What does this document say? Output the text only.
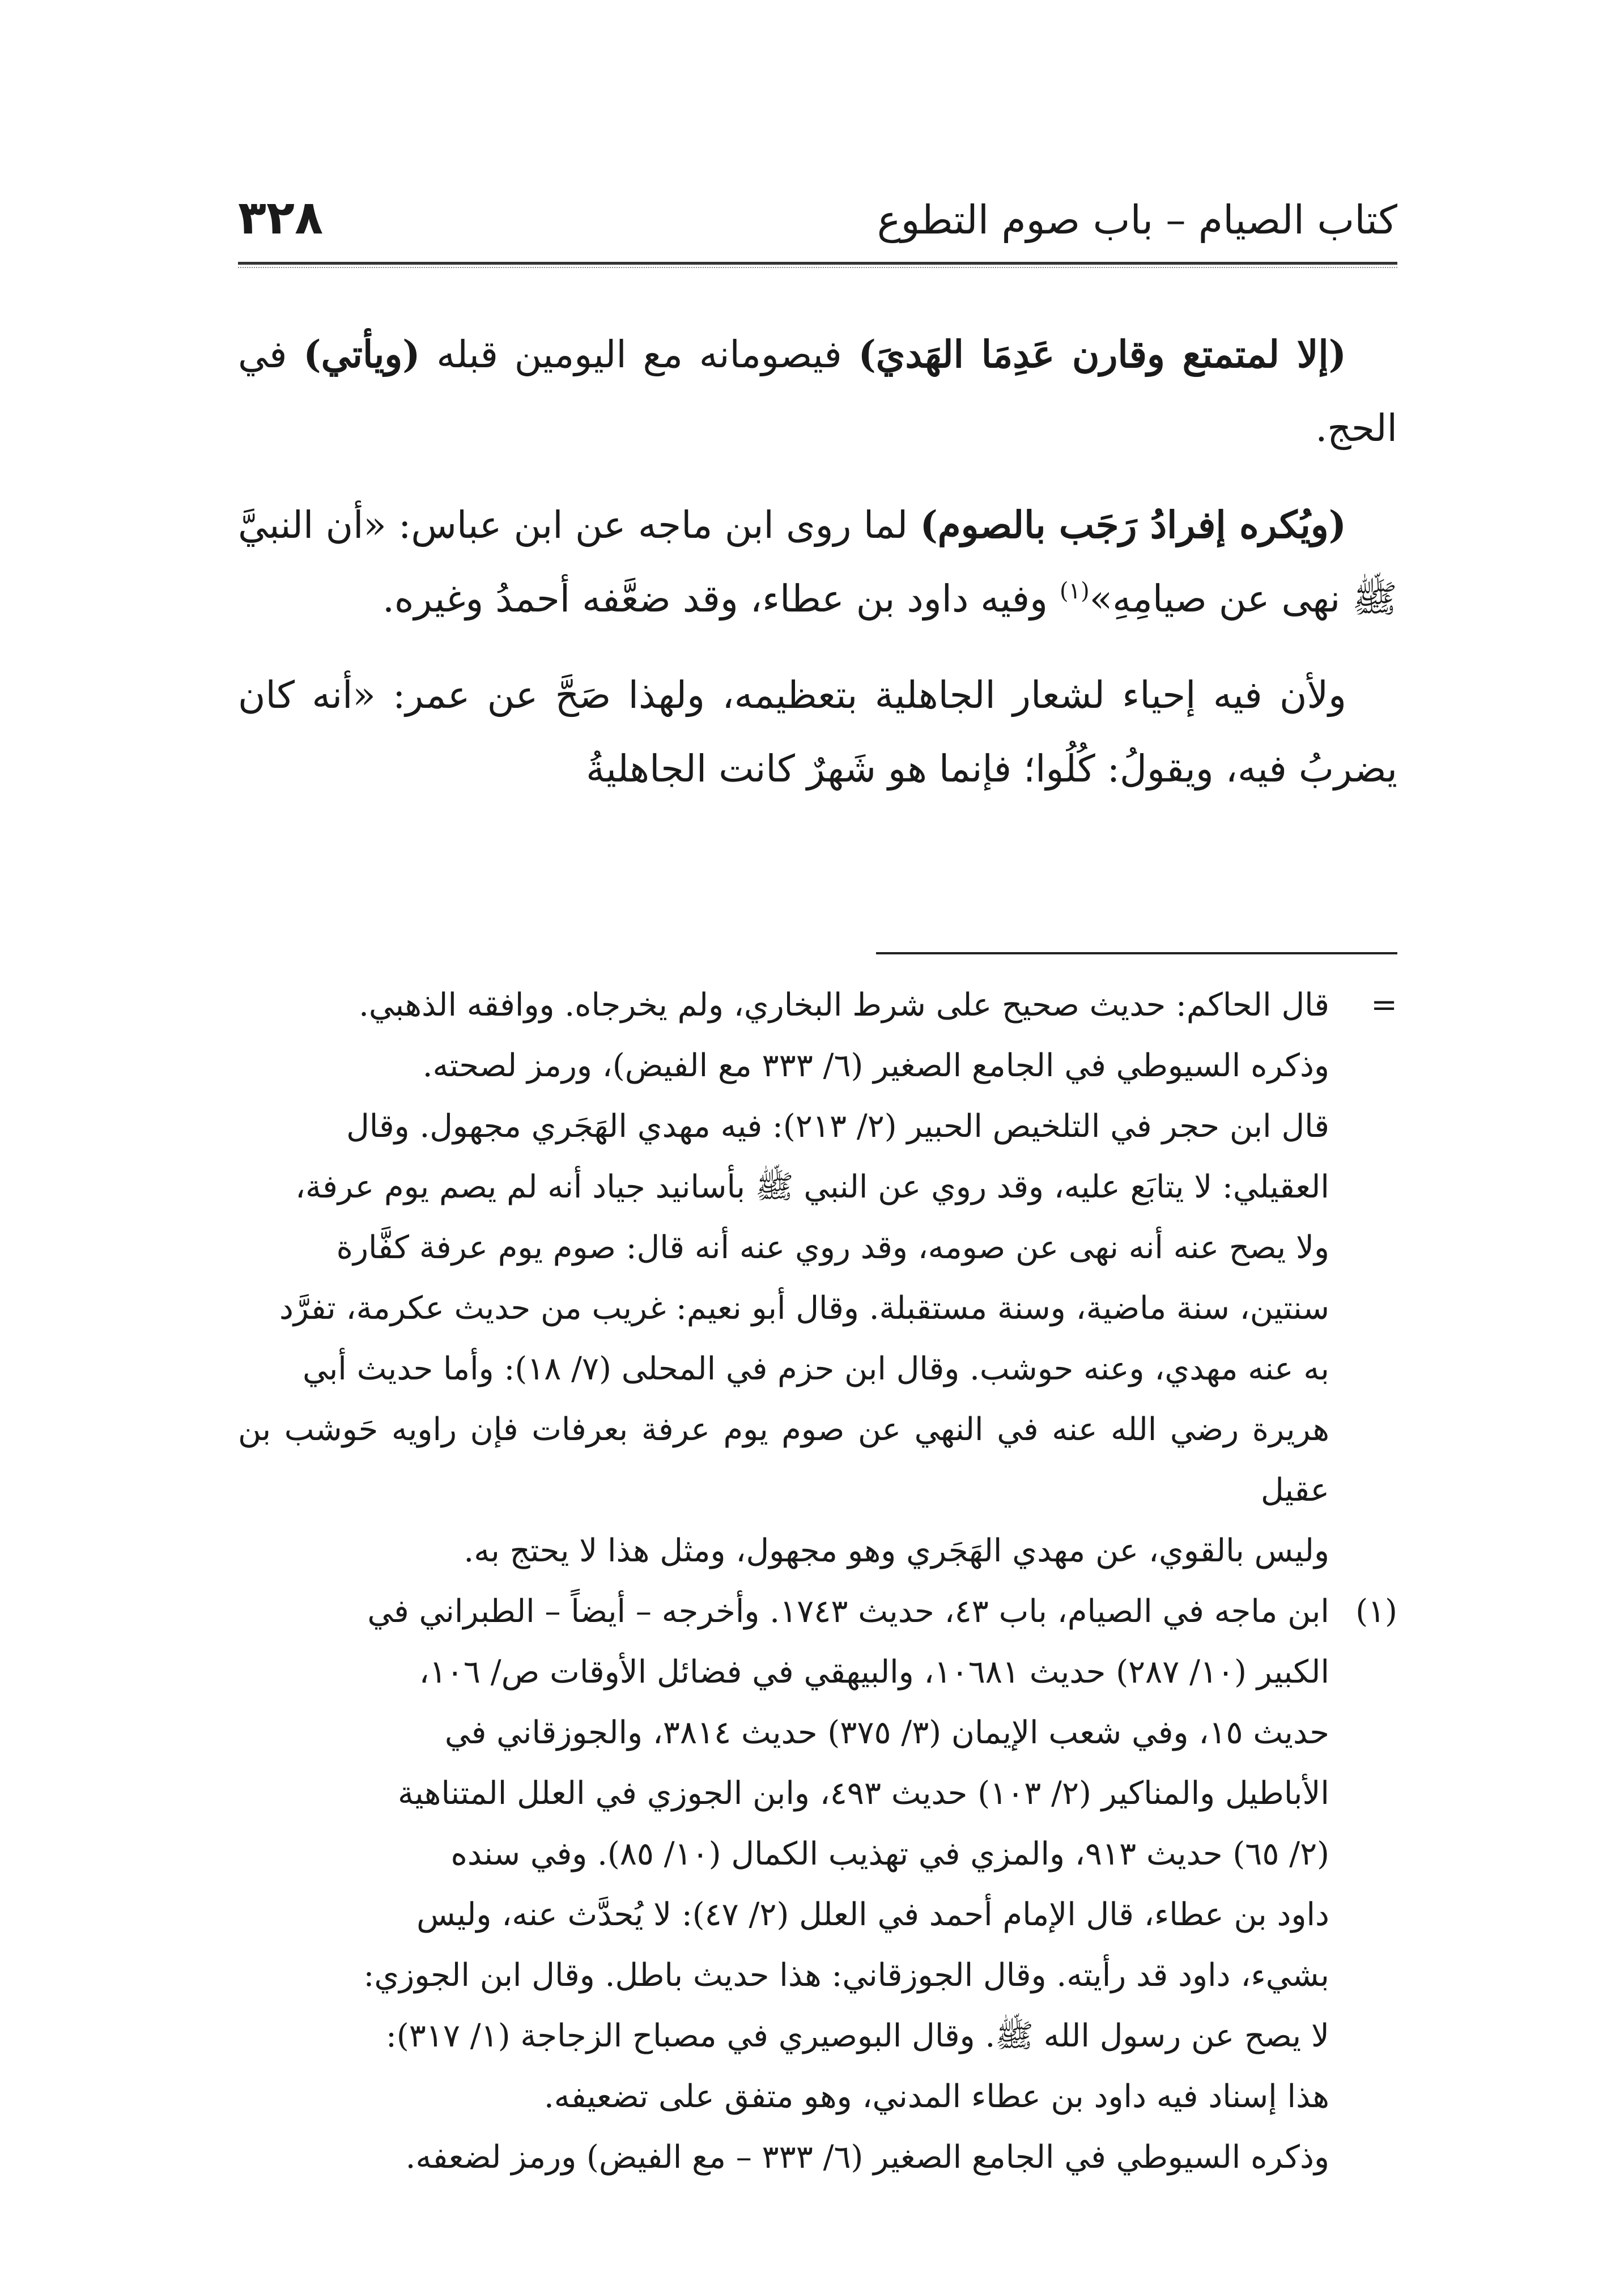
٣٢٨	كتاب الصيام – باب صوم التطوع

(إلا لمتمتع وقارن عَدِمَا الهَديَ) فيصومانه مع اليومين قبله (ويأتي) في الحج.

(ويُكره إفرادُ رَجَب بالصوم) لما روى ابن ماجه عن ابن عباس: «أن النبيَّ ﷺ نهى عن صيامِهِ»$^{(١)}$ وفيه داود بن عطاء، وقد ضعَّفه أحمدُ وغيره.

ولأن فيه إحياء لشعار الجاهلية بتعظيمه، ولهذا صَحَّ عن عمر: «أنه كان يضربُ فيه، ويقولُ: كُلُوا؛ فإنما هو شَهرٌ كانت الجاهليةُ

=
قال الحاكم: حديث صحيح على شرط البخاري، ولم يخرجاه. ووافقه الذهبي.
وذكره السيوطي في الجامع الصغير (٦/ ٣٣٣ مع الفيض)، ورمز لصحته.
قال ابن حجر في التلخيص الحبير (٢/ ٢١٣): فيه مهدي الهَجَري مجهول. وقال
العقيلي: لا يتابَع عليه، وقد روي عن النبي ﷺ بأسانيد جياد أنه لم يصم يوم عرفة،
ولا يصح عنه أنه نهى عن صومه، وقد روي عنه أنه قال: صوم يوم عرفة كفَّارة
سنتين، سنة ماضية، وسنة مستقبلة. وقال أبو نعيم: غريب من حديث عكرمة، تفرَّد
به عنه مهدي، وعنه حوشب. وقال ابن حزم في المحلى (٧/ ١٨): وأما حديث أبي
هريرة رضي الله عنه في النهي عن صوم يوم عرفة بعرفات فإن راويه حَوشب بن عقيل
وليس بالقوي، عن مهدي الهَجَري وهو مجهول، ومثل هذا لا يحتج به.
(١)
ابن ماجه في الصيام، باب ٤٣، حديث ١٧٤٣. وأخرجه – أيضاً – الطبراني في
الكبير (١٠/ ٢٨٧) حديث ١٠٦٨١، والبيهقي في فضائل الأوقات ص/ ١٠٦،
حديث ١٥، وفي شعب الإيمان (٣/ ٣٧٥) حديث ٣٨١٤، والجوزقاني في
الأباطيل والمناكير (٢/ ١٠٣) حديث ٤٩٣، وابن الجوزي في العلل المتناهية
(٢/ ٦٥) حديث ٩١٣، والمزي في تهذيب الكمال (١٠/ ٨٥). وفي سنده
داود بن عطاء، قال الإمام أحمد في العلل (٢/ ٤٧): لا يُحدَّث عنه، وليس
بشيء، داود قد رأيته. وقال الجوزقاني: هذا حديث باطل. وقال ابن الجوزي:
لا يصح عن رسول الله ﷺ. وقال البوصيري في مصباح الزجاجة (١/ ٣١٧):
هذا إسناد فيه داود بن عطاء المدني، وهو متفق على تضعيفه.
وذكره السيوطي في الجامع الصغير (٦/ ٣٣٣ – مع الفيض) ورمز لضعفه.
